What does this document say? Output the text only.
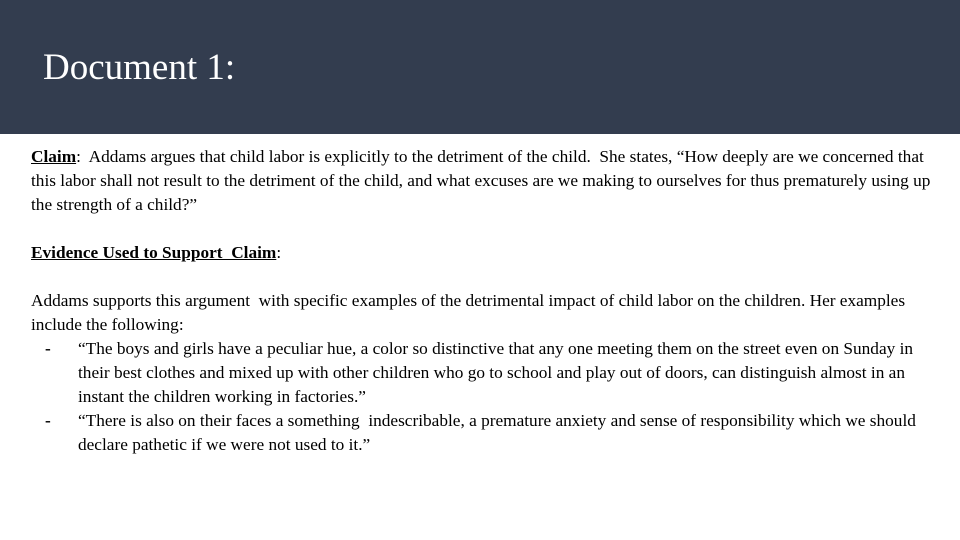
Document 1:

Claim:  Addams argues that child labor is explicitly to the detriment of the child.  She states, “How deeply are we concerned that this labor shall not result to the detriment of the child, and what excuses are we making to ourselves for thus prematurely using up the strength of a child?”

Evidence Used to Support  Claim:

Addams supports this argument  with specific examples of the detrimental impact of child labor on the children. Her examples include the following:

- “The boys and girls have a peculiar hue, a color so distinctive that any one meeting them on the street even on Sunday in their best clothes and mixed up with other children who go to school and play out of doors, can distinguish almost in an instant the children working in factories.”
- “There is also on their faces a something  indescribable, a premature anxiety and sense of responsibility which we should declare pathetic if we were not used to it.”
